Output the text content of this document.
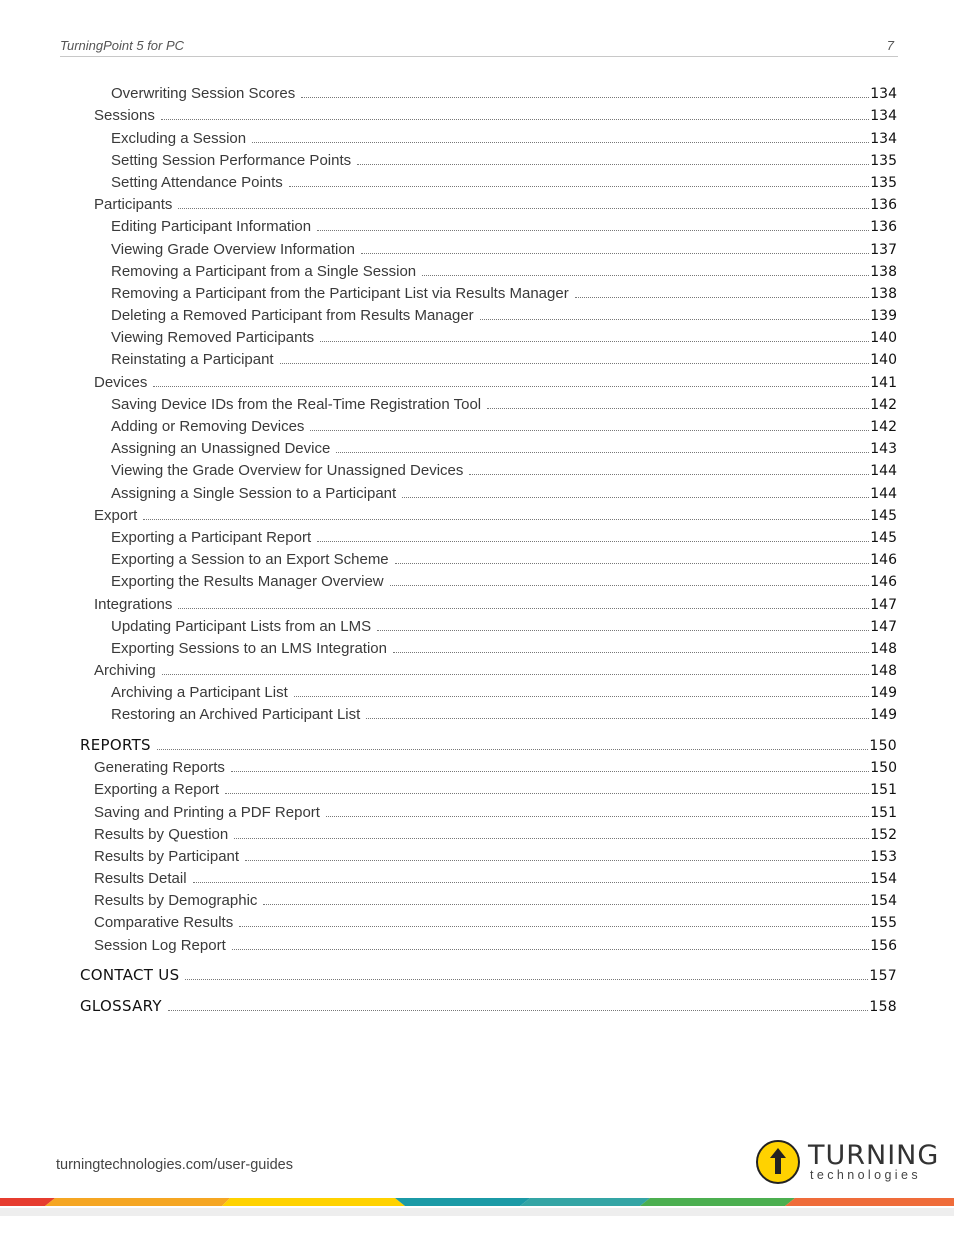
TurningPoint 5 for PC	7
Overwriting Session Scores	134
Sessions	134
Excluding a Session	134
Setting Session Performance Points	135
Setting Attendance Points	135
Participants	136
Editing Participant Information	136
Viewing Grade Overview Information	137
Removing a Participant from a Single Session	138
Removing a Participant from the Participant List via Results Manager	138
Deleting a Removed Participant from Results Manager	139
Viewing Removed Participants	140
Reinstating a Participant	140
Devices	141
Saving Device IDs from the Real-Time Registration Tool	142
Adding or Removing Devices	142
Assigning an Unassigned Device	143
Viewing the Grade Overview for Unassigned Devices	144
Assigning a Single Session to a Participant	144
Export	145
Exporting a Participant Report	145
Exporting a Session to an Export Scheme	146
Exporting the Results Manager Overview	146
Integrations	147
Updating Participant Lists from an LMS	147
Exporting Sessions to an LMS Integration	148
Archiving	148
Archiving a Participant List	149
Restoring an Archived Participant List	149
REPORTS	150
Generating Reports	150
Exporting a Report	151
Saving and Printing a PDF Report	151
Results by Question	152
Results by Participant	153
Results Detail	154
Results by Demographic	154
Comparative Results	155
Session Log Report	156
CONTACT US	157
GLOSSARY	158
turningtechnologies.com/user-guides	TURNING
technologies
